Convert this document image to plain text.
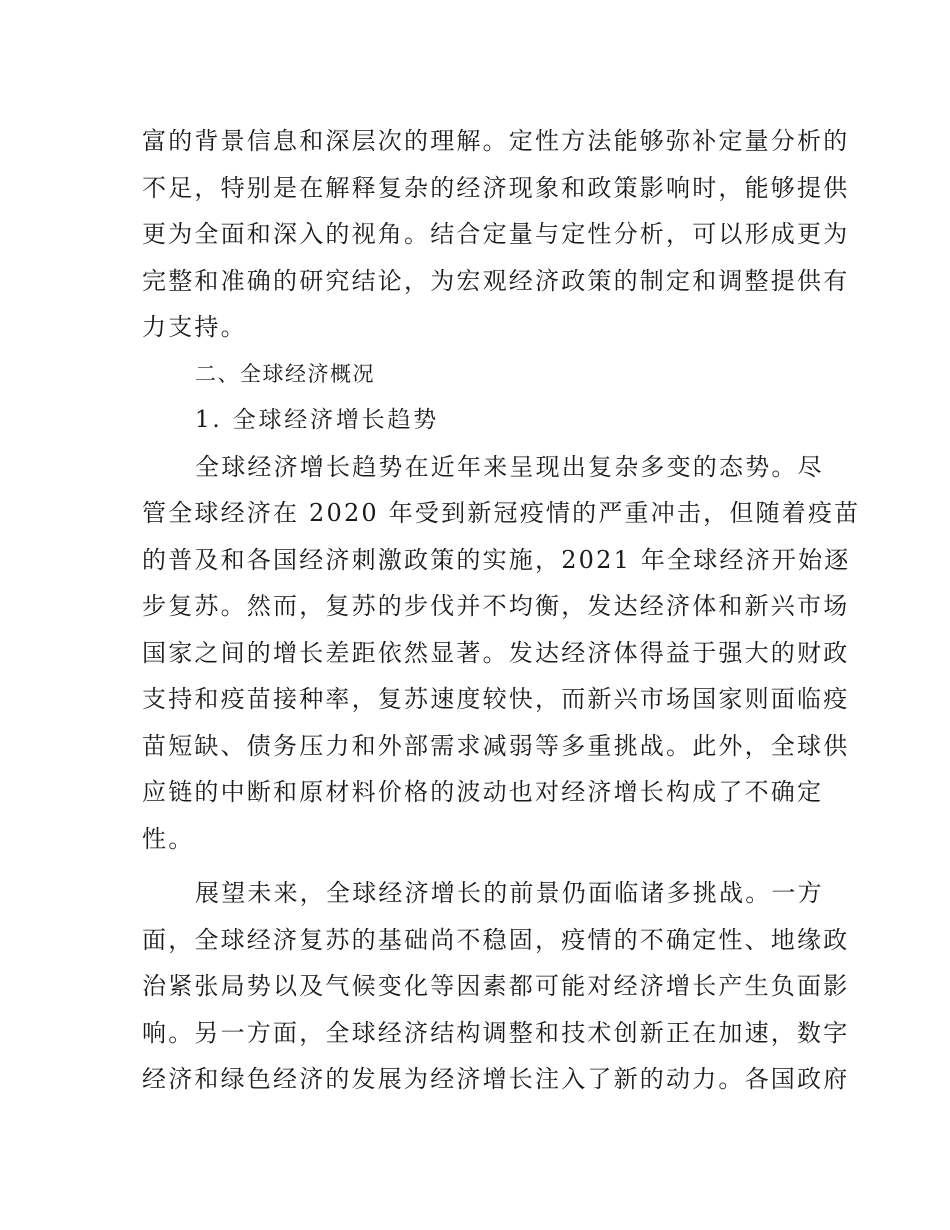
富的背景信息和深层次的理解。定性方法能够弥补定量分析的
不足，特别是在解释复杂的经济现象和政策影响时，能够提供
更为全面和深入的视角。结合定量与定性分析，可以形成更为
完整和准确的研究结论，为宏观经济政策的制定和调整提供有
力支持。
二、全球经济概况
1. 全球经济增长趋势
全球经济增长趋势在近年来呈现出复杂多变的态势。尽
管全球经济在 2020 年受到新冠疫情的严重冲击，但随着疫苗
的普及和各国经济刺激政策的实施，2021 年全球经济开始逐
步复苏。然而，复苏的步伐并不均衡，发达经济体和新兴市场
国家之间的增长差距依然显著。发达经济体得益于强大的财政
支持和疫苗接种率，复苏速度较快，而新兴市场国家则面临疫
苗短缺、债务压力和外部需求减弱等多重挑战。此外，全球供
应链的中断和原材料价格的波动也对经济增长构成了不确定
性。
展望未来，全球经济增长的前景仍面临诸多挑战。一方
面，全球经济复苏的基础尚不稳固，疫情的不确定性、地缘政
治紧张局势以及气候变化等因素都可能对经济增长产生负面影
响。另一方面，全球经济结构调整和技术创新正在加速，数字
经济和绿色经济的发展为经济增长注入了新的动力。各国政府
